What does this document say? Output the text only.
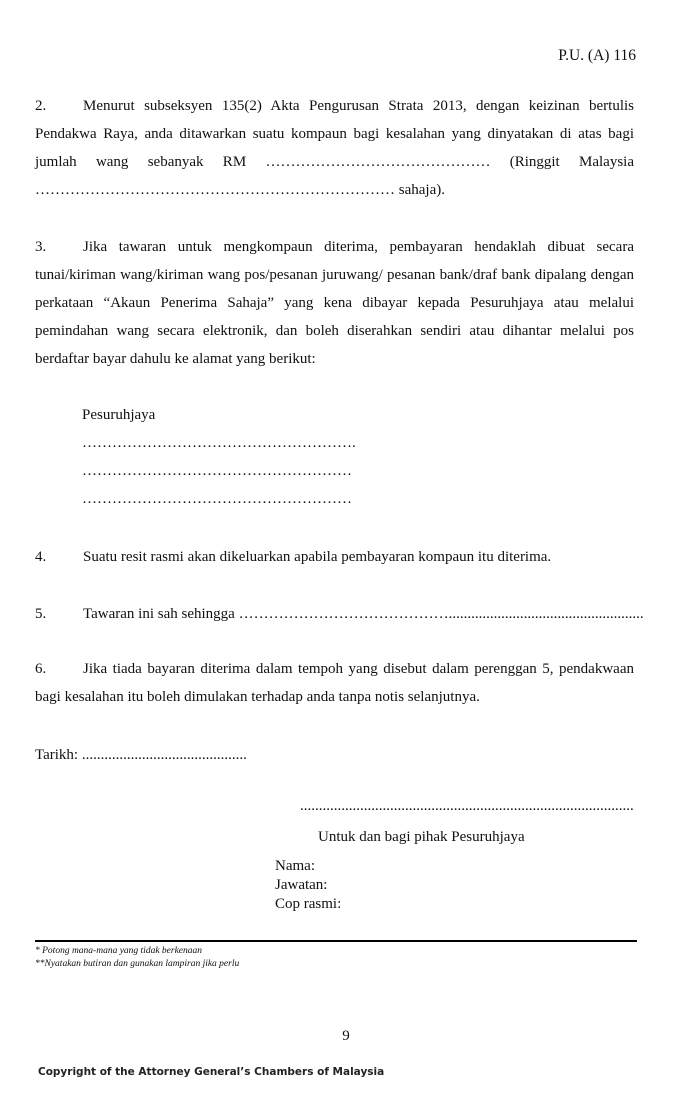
P.U. (A) 116

2. Menurut subseksyen 135(2) Akta Pengurusan Strata 2013, dengan keizinan bertulis Pendakwa Raya, anda ditawarkan suatu kompaun bagi kesalahan yang dinyatakan di atas bagi jumlah wang sebanyak RM ……………………………………… (Ringgit Malaysia ……………………………………………………………… sahaja).

3. Jika tawaran untuk mengkompaun diterima, pembayaran hendaklah dibuat secara tunai/kiriman wang/kiriman wang pos/pesanan juruwang/ pesanan bank/draf bank dipalang dengan perkataan “Akaun Penerima Sahaja” yang kena dibayar kepada Pesuruhjaya atau melalui pemindahan wang secara elektronik, dan boleh diserahkan sendiri atau dihantar melalui pos berdaftar bayar dahulu ke alamat yang berikut:

Pesuruhjaya
……………………………………………….
………………………………………………
………………………………………………
4. Suatu resit rasmi akan dikeluarkan apabila pembayaran kompaun itu diterima.
5. Tawaran ini sah sehingga ……………………………………....................................................

6. Jika tiada bayaran diterima dalam tempoh yang disebut dalam perenggan 5, pendakwaan bagi kesalahan itu boleh dimulakan terhadap anda tanpa notis selanjutnya.

Tarikh: ............................................
.........................................................................................
Untuk dan bagi pihak Pesuruhjaya
Nama:
Jawatan:
Cop rasmi:
* Potong mana-mana yang tidak berkenaan
**Nyatakan butiran dan gunakan lampiran jika perlu
9
Copyright of the Attorney General’s Chambers of Malaysia
